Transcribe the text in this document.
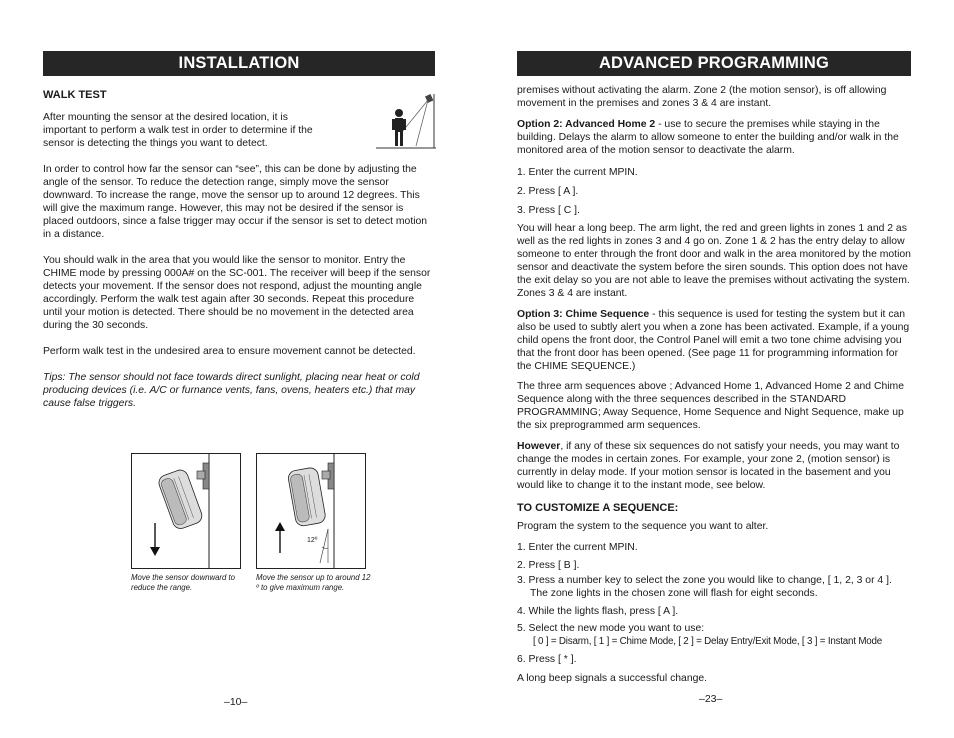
INSTALLATION
WALK TEST

After mounting the sensor at the desired location, it is important to perform a walk test in order to determine if the sensor is detecting the things you want to detect.

In order to control how far the sensor can “see”, this can be done by adjusting the angle of the sensor. To reduce the detection range, simply move the sensor downward. To increase the range, move the sensor up to around 12 degrees. This will give the maximum range. However, this may not be desired if the sensor is placed outdoors, since a false trigger may occur if the sensor is set to detect motion in a distance.

You should walk in the area that you would like the sensor to monitor. Entry the CHIME mode by pressing 000A# on the SC-001. The receiver will beep if the sensor detects your movement. If the sensor does not respond, adjust the mounting angle accordingly. Perform the walk test again after 30 seconds. Repeat this procedure until your motion is detected. There should be no movement in the detected area during the 30 seconds.

Perform walk test in the undesired area to ensure movement cannot be detected.

Tips: The sensor should not face towards direct sunlight, placing near heat or cold producing devices (i.e. A/C or furnance vents, fans, ovens, heaters etc.) that may cause false triggers.

Move the sensor downward to reduce the range.

12º

Move the sensor up to around 12 º to give maximum range.

–10–
ADVANCED PROGRAMMING

premises without activating the alarm. Zone 2 (the motion sensor), is off allowing movement in the premises and zones 3 & 4 are instant.

Option 2: Advanced Home 2 - use to secure the premises while staying in the building. Delays the alarm to allow someone to enter the building and/or walk in the monitored area of the motion sensor to deactivate the alarm.

1. Enter the current MPIN.
2. Press [ A ].
3. Press [ C ].

You will hear a long beep. The arm light, the red and green lights in zones 1 and 2 as well as the red lights in zones 3 and 4 go on. Zone 1 & 2 has the entry delay to allow someone to enter through the front door and walk in the area monitored by the motion sensor and deactivate the system before the siren sounds. This option does not have the exit delay so you are not able to leave the premises without activating the system. Zones 3 & 4 are instant.

Option 3: Chime Sequence - this sequence is used for testing the system but it can also be used to subtly alert you when a zone has been activated. Example, if a young child opens the front door, the Control Panel will emit a two tone chime advising you that the front door has been opened. (See page 11 for programming information for the CHIME SEQUENCE.)

The three arm sequences above ; Advanced Home 1, Advanced Home 2 and Chime Sequence along with the three sequences described in the STANDARD PROGRAMMING; Away Sequence, Home Sequence and Night Sequence, make up the six preprogrammed arm sequences.

However, if any of these six sequences do not satisfy your needs, you may want to change the modes in certain zones. For example, your zone 2, (motion sensor) is currently in delay mode. If your motion sensor is located in the basement and you would like to change it to the instant mode, see below.

TO CUSTOMIZE A SEQUENCE:
Program the system to the sequence you want to alter.
1. Enter the current MPIN.
2. Press [ B ].
3. Press a number key to select the zone you would like to change, [ 1, 2, 3 or 4 ].
The zone lights in the chosen zone will flash for eight seconds.
4. While the lights flash, press [ A ].
5. Select the new mode you want to use:
[ 0 ] = Disarm, [ 1 ] = Chime Mode, [ 2 ] = Delay Entry/Exit Mode, [ 3 ] = Instant Mode
6. Press [ * ].
A long beep signals a successful change.
–23–
